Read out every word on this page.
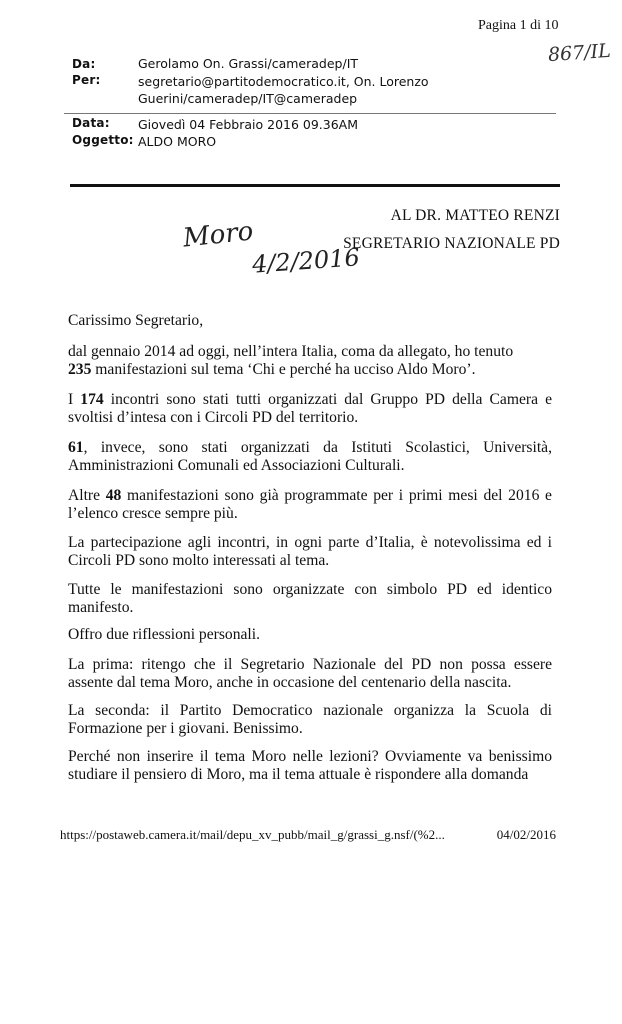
Pagina 1 di 10
867/IL
Da:	Gerolamo On. Grassi/cameradep/IT
Per:	segretario@partitodemocratico.it, On. Lorenzo
Guerini/cameradep/IT@cameradep
Data: Giovedì 04 Febbraio 2016 09.36AM
Oggetto: ALDO MORO
AL DR. MATTEO RENZI
SEGRETARIO NAZIONALE PD
Moro
4/2/2016

Carissimo Segretario,

dal gennaio 2014 ad oggi, nell’intera Italia, coma da allegato, ho tenuto
235 manifestazioni sul tema ‘Chi e perché ha ucciso Aldo Moro’.

I 174 incontri sono stati tutti organizzati dal Gruppo PD della Camera e svoltisi d’intesa con i Circoli PD del territorio.

61, invece, sono stati organizzati da Istituti Scolastici, Università, Amministrazioni Comunali ed Associazioni Culturali.

Altre 48 manifestazioni sono già programmate per i primi mesi del 2016 e l’elenco cresce sempre più.

La partecipazione agli incontri, in ogni parte d’Italia, è notevolissima ed i Circoli PD sono molto interessati al tema.
Tutte le manifestazioni sono organizzate con simbolo PD ed identico manifesto.
Offro due riflessioni personali.
La prima: ritengo che il Segretario Nazionale del PD non possa essere assente dal tema Moro, anche in occasione del centenario della nascita.
La seconda: il Partito Democratico nazionale organizza la Scuola di Formazione per i giovani. Benissimo.
Perché non inserire il tema Moro nelle lezioni? Ovviamente va benissimo studiare il pensiero di Moro, ma il tema attuale è rispondere alla domanda
https://postaweb.camera.it/mail/depu_xv_pubb/mail_g/grassi_g.nsf/(%2...	04/02/2016
